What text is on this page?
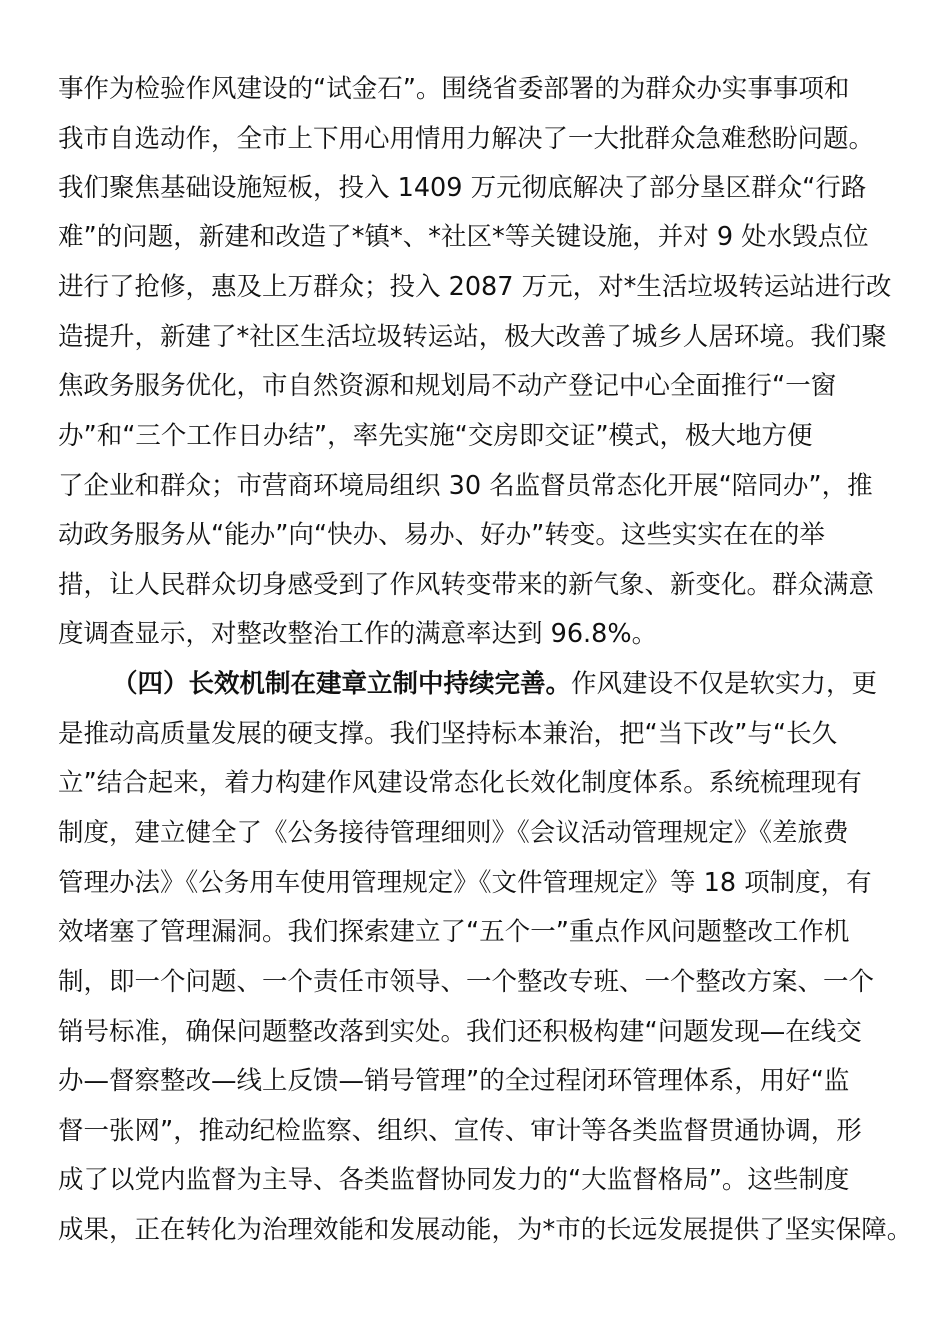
事作为检验作风建设的“试金石”。围绕省委部署的为群众办实事事项和
我市自选动作，全市上下用心用情用力解决了一大批群众急难愁盼问题。
我们聚焦基础设施短板，投入 1409 万元彻底解决了部分垦区群众“行路
难”的问题，新建和改造了*镇*、*社区*等关键设施，并对 9 处水毁点位
进行了抢修，惠及上万群众；投入 2087 万元，对*生活垃圾转运站进行改
造提升，新建了*社区生活垃圾转运站，极大改善了城乡人居环境。我们聚
焦政务服务优化，市自然资源和规划局不动产登记中心全面推行“一窗
办”和“三个工作日办结”，率先实施“交房即交证”模式，极大地方便
了企业和群众；市营商环境局组织 30 名监督员常态化开展“陪同办”，推
动政务服务从“能办”向“快办、易办、好办”转变。这些实实在在的举
措，让人民群众切身感受到了作风转变带来的新气象、新变化。群众满意
度调查显示，对整改整治工作的满意率达到 96.8%。
（四）长效机制在建章立制中持续完善。作风建设不仅是软实力，更
是推动高质量发展的硬支撑。我们坚持标本兼治，把“当下改”与“长久
立”结合起来，着力构建作风建设常态化长效化制度体系。系统梳理现有
制度，建立健全了《公务接待管理细则》《会议活动管理规定》《差旅费
管理办法》《公务用车使用管理规定》《文件管理规定》等 18 项制度，有
效堵塞了管理漏洞。我们探索建立了“五个一”重点作风问题整改工作机
制，即一个问题、一个责任市领导、一个整改专班、一个整改方案、一个
销号标准，确保问题整改落到实处。我们还积极构建“问题发现—在线交
办—督察整改—线上反馈—销号管理”的全过程闭环管理体系，用好“监
督一张网”，推动纪检监察、组织、宣传、审计等各类监督贯通协调，形
成了以党内监督为主导、各类监督协同发力的“大监督格局”。这些制度
成果，正在转化为治理效能和发展动能，为*市的长远发展提供了坚实保障。
